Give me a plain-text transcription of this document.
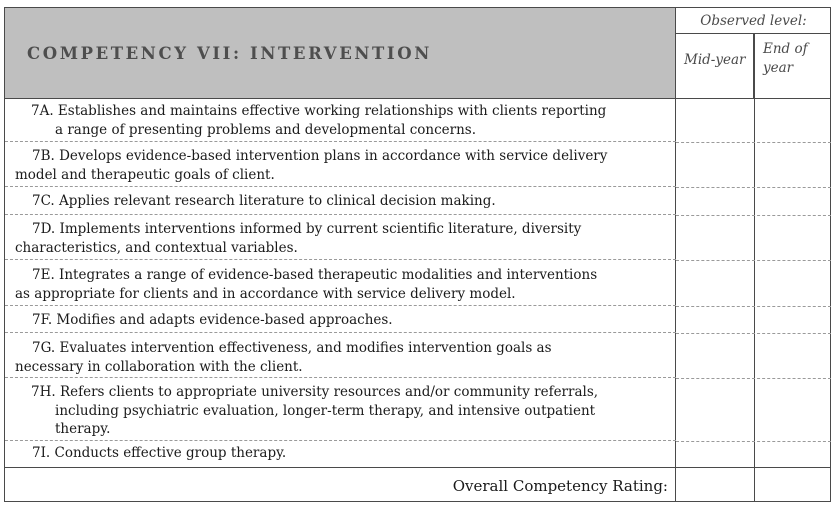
COMPETENCY VII: INTERVENTION
Observed level:
Mid-year
End of
year
7A. Establishes and maintains effective working relationships with clients reporting a range of presenting problems and developmental concerns.
7B. Develops evidence-based intervention plans in accordance with service delivery model and therapeutic goals of client.
7C. Applies relevant research literature to clinical decision making.
7D. Implements interventions informed by current scientific literature, diversity characteristics, and contextual variables.
7E. Integrates a range of evidence-based therapeutic modalities and interventions as appropriate for clients and in accordance with service delivery model.
7F. Modifies and adapts evidence-based approaches.
7G. Evaluates intervention effectiveness, and modifies intervention goals as necessary in collaboration with the client.
7H. Refers clients to appropriate university resources and/or community referrals, including psychiatric evaluation, longer-term therapy, and intensive outpatient therapy.
7I. Conducts effective group therapy.
Overall Competency Rating:
